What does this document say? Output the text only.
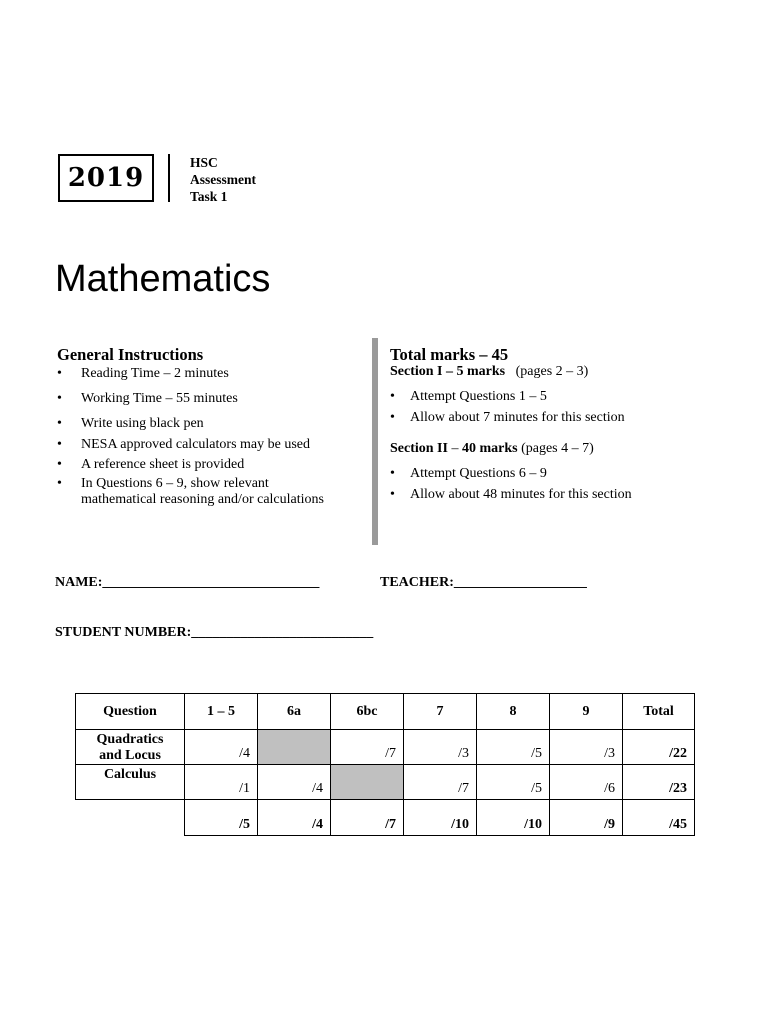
2019
HSC
Assessment
Task 1
Mathematics
General Instructions
• Reading Time – 2 minutes
• Working Time – 55 minutes
• Write using black pen
• NESA approved calculators may be used
• A reference sheet is provided
• In Questions 6 – 9, show relevant
mathematical reasoning and/or calculations
Total marks – 45
Section I – 5 marks (pages 2 – 3)
• Attempt Questions 1 – 5
• Allow about 7 minutes for this section
Section II – 40 marks (pages 4 – 7)
• Attempt Questions 6 – 9
• Allow about 48 minutes for this section
NAME:_______________________________	TEACHER:___________________
STUDENT NUMBER:__________________________
Question	1 – 5	6a	6bc	7	8	9	Total

Quadratics
and Locus	/4		/7	/3	/5	/3	/22

Calculus	/1	/4		/7	/5	/6	/23
	/5	/4	/7	/10	/10	/9	/45
